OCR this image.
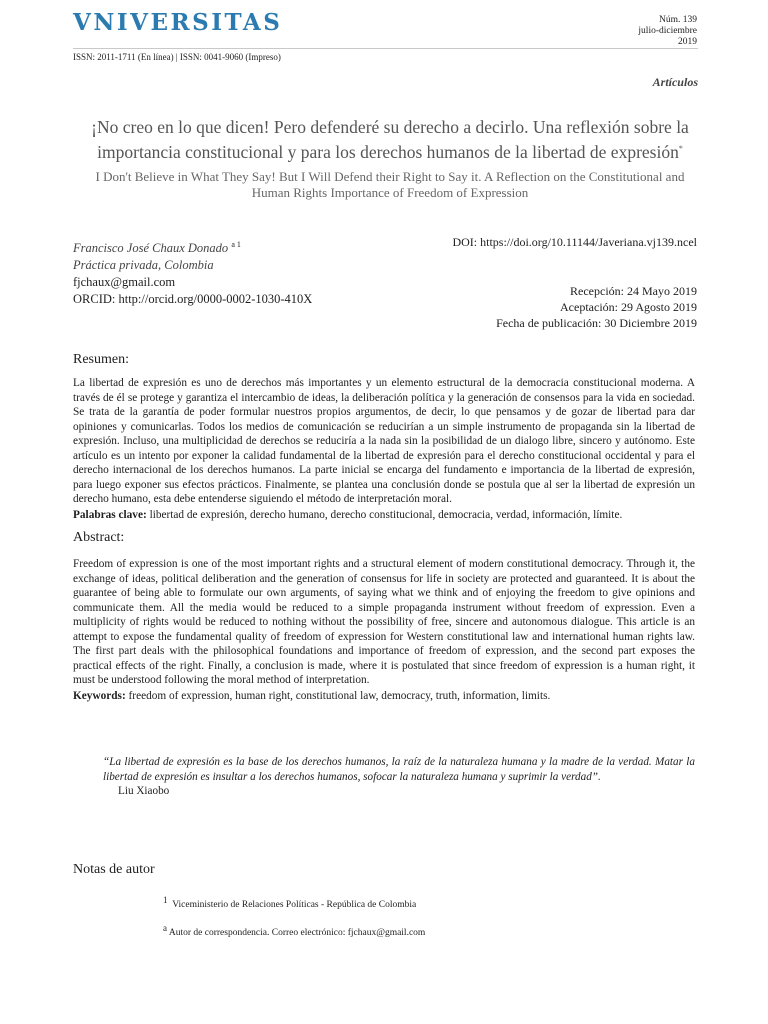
VNIVERSITAS	Núm. 139
julio-diciembre
2019
ISSN: 2011-1711 (En línea) | ISSN: 0041-9060 (Impreso)
Artículos
¡No creo en lo que dicen! Pero defenderé su derecho a decirlo. Una reflexión sobre la importancia constitucional y para los derechos humanos de la libertad de expresión*
I Don't Believe in What They Say! But I Will Defend their Right to Say it. A Reflection on the Constitutional and Human Rights Importance of Freedom of Expression
Francisco José Chaux Donado $^{a 1}$
Práctica privada, Colombia
fjchaux@gmail.com
ORCID: http://orcid.org/0000-0002-1030-410X
DOI: https://doi.org/10.11144/Javeriana.vj139.ncel
Recepción: 24 Mayo 2019
Aceptación: 29 Agosto 2019
Fecha de publicación: 30 Diciembre 2019
Resumen:
La libertad de expresión es uno de derechos más importantes y un elemento estructural de la democracia constitucional moderna. A través de él se protege y garantiza el intercambio de ideas, la deliberación política y la generación de consensos para la vida en sociedad. Se trata de la garantía de poder formular nuestros propios argumentos, de decir, lo que pensamos y de gozar de libertad para dar opiniones y comunicarlas. Todos los medios de comunicación se reducirían a un simple instrumento de propaganda sin la libertad de expresión. Incluso, una multiplicidad de derechos se reduciría a la nada sin la posibilidad de un dialogo libre, sincero y autónomo. Este artículo es un intento por exponer la calidad fundamental de la libertad de expresión para el derecho constitucional occidental y para el derecho internacional de los derechos humanos. La parte inicial se encarga del fundamento e importancia de la libertad de expresión, para luego exponer sus efectos prácticos. Finalmente, se plantea una conclusión donde se postula que al ser la libertad de expresión un derecho humano, esta debe entenderse siguiendo el método de interpretación moral.
Palabras clave: libertad de expresión, derecho humano, derecho constitucional, democracia, verdad, información, límite.
Abstract:
Freedom of expression is one of the most important rights and a structural element of modern constitutional democracy. Through it, the exchange of ideas, political deliberation and the generation of consensus for life in society are protected and guaranteed. It is about the guarantee of being able to formulate our own arguments, of saying what we think and of enjoying the freedom to give opinions and communicate them. All the media would be reduced to a simple propaganda instrument without freedom of expression. Even a multiplicity of rights would be reduced to nothing without the possibility of free, sincere and autonomous dialogue. This article is an attempt to expose the fundamental quality of freedom of expression for Western constitutional law and international human rights law. The first part deals with the philosophical foundations and importance of freedom of expression, and the second part exposes the practical effects of the right. Finally, a conclusion is made, where it is postulated that since freedom of expression is a human right, it must be understood following the moral method of interpretation.
Keywords: freedom of expression, human right, constitutional law, democracy, truth, information, limits.
“La libertad de expresión es la base de los derechos humanos, la raíz de la naturaleza humana y la madre de la verdad. Matar la libertad de expresión es insultar a los derechos humanos, sofocar la naturaleza humana y suprimir la verdad”.
Liu Xiaobo
Notas de autor
$^1$  Viceministerio de Relaciones Políticas - República de Colombia
$^a$ Autor de correspondencia. Correo electrónico: fjchaux@gmail.com
